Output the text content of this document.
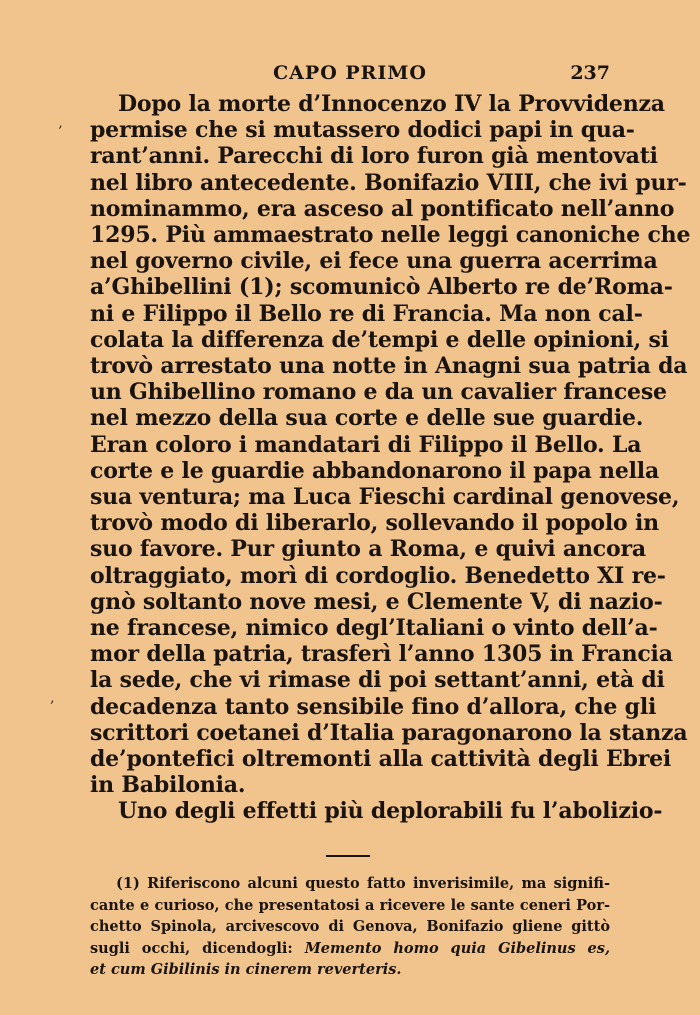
CAPO PRIMO	237
’
‚
Dopo la morte d’Innocenzo IV la Provvidenza
permise che si mutassero dodici papi in qua-
rant’anni. Parecchi di loro furon già mentovati
nel libro antecedente. Bonifazio VIII, che ivi pur-
nominammo, era asceso al pontificato nell’anno
1295. Più ammaestrato nelle leggi canoniche che
nel governo civile, ei fece una guerra acerrima
a’Ghibellini (1); scomunicò Alberto re de’Roma-
ni e Filippo il Bello re di Francia. Ma non cal-
colata la differenza de’tempi e delle opinioni, si
trovò arrestato una notte in Anagni sua patria da
un Ghibellino romano e da un cavalier francese
nel mezzo della sua corte e delle sue guardie.
Eran coloro i mandatari di Filippo il Bello. La
corte e le guardie abbandonarono il papa nella
sua ventura; ma Luca Fieschi cardinal genovese,
trovò modo di liberarlo, sollevando il popolo in
suo favore. Pur giunto a Roma, e quivi ancora
oltraggiato, morì di cordoglio. Benedetto XI re-
gnò soltanto nove mesi, e Clemente V, di nazio-
ne francese, nimico degl’Italiani o vinto dell’a-
mor della patria, trasferì l’anno 1305 in Francia
la sede, che vi rimase di poi settant’anni, età di
decadenza tanto sensibile fino d’allora, che gli
scrittori coetanei d’Italia paragonarono la stanza
de’pontefici oltremonti alla cattività degli Ebrei
in Babilonia.
Uno degli effetti più deplorabili fu l’abolizio-
(1) Riferiscono alcuni questo fatto inverisimile, ma signifi-
cante e curioso, che presentatosi a ricevere le sante ceneri Por-
chetto Spinola, arcivescovo di Genova, Bonifazio gliene gittò
sugli occhi, dicendogli: Memento homo quia Gibelinus es,
et cum Gibilinis in cinerem reverteris.
